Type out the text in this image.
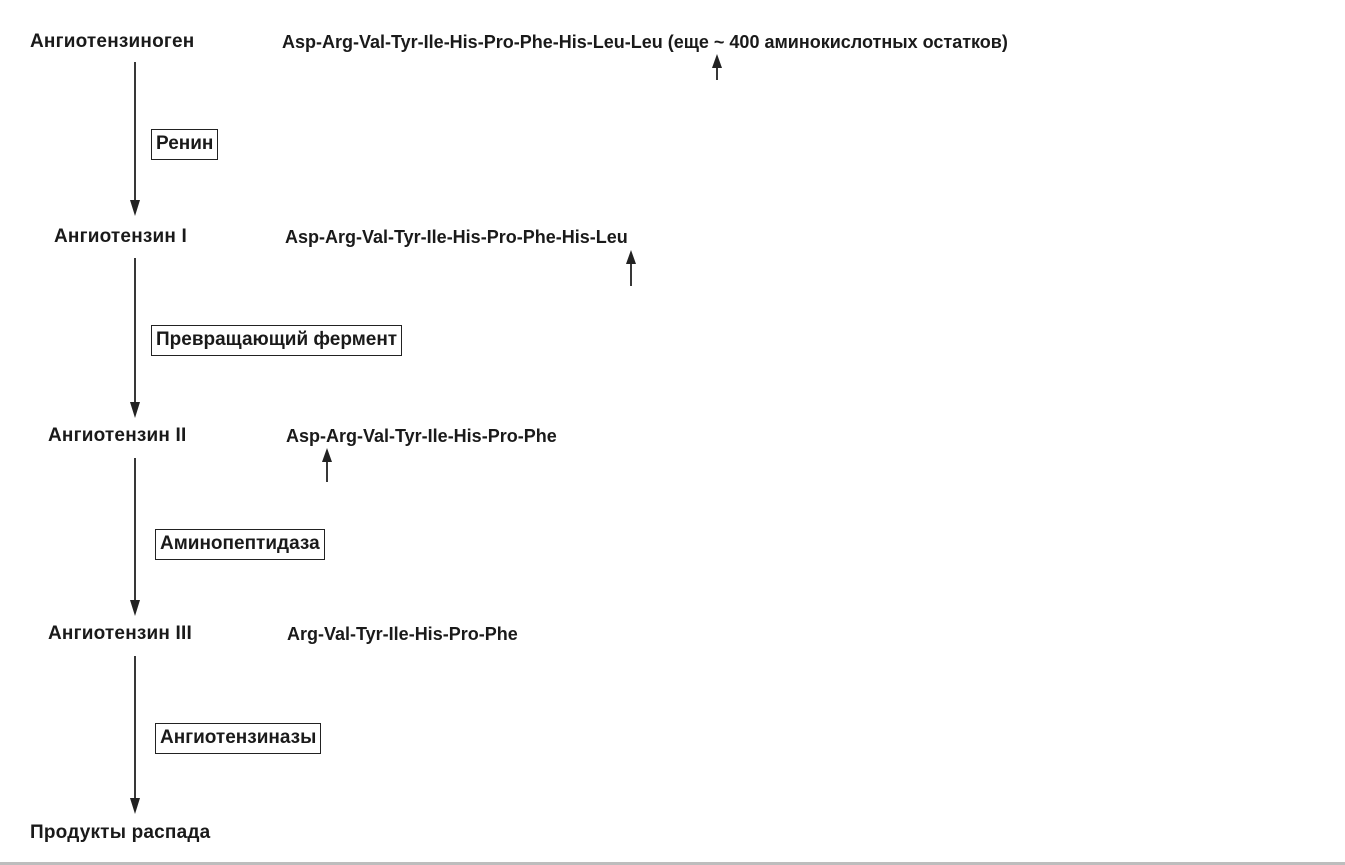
Ангиотензиноген	Asp-Arg-Val-Tyr-Ile-His-Pro-Phe-His-Leu-Leu (еще ~ 400 аминокислотных остатков)
Ренин
Ангиотензин I	Asp-Arg-Val-Tyr-Ile-His-Pro-Phe-His-Leu
Превращающий фермент
Ангиотензин II	Asp-Arg-Val-Tyr-Ile-His-Pro-Phe
Аминопептидаза
Ангиотензин III	Arg-Val-Tyr-Ile-His-Pro-Phe
Ангиотензиназы
Продукты распада
